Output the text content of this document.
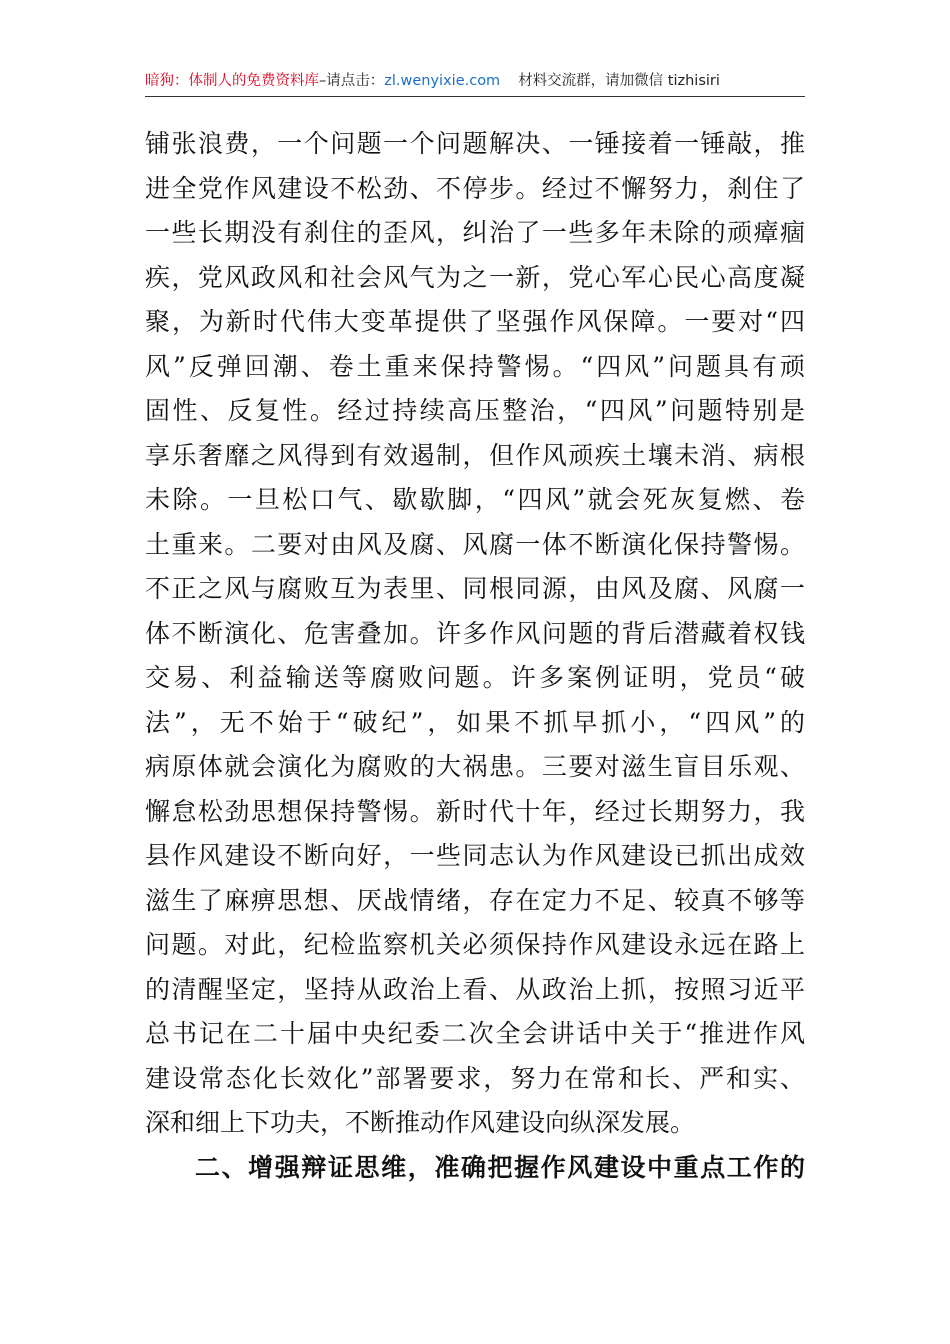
暗狗：体制人的免费资料库–请点击：zl.wenyixie.com 材料交流群，请加微信 tizhisiri
铺张浪费，一个问题一个问题解决、一锤接着一锤敲，推
进全党作风建设不松劲、不停步。经过不懈努力，刹住了
一些长期没有刹住的歪风，纠治了一些多年未除的顽瘴痼
疾，党风政风和社会风气为之一新，党心军心民心高度凝
聚，为新时代伟大变革提供了坚强作风保障。一要对“四
风”反弹回潮、卷土重来保持警惕。“四风”问题具有顽
固性、反复性。经过持续高压整治，“四风”问题特别是
享乐奢靡之风得到有效遏制，但作风顽疾土壤未消、病根
未除。一旦松口气、歇歇脚，“四风”就会死灰复燃、卷
土重来。二要对由风及腐、风腐一体不断演化保持警惕。
不正之风与腐败互为表里、同根同源，由风及腐、风腐一
体不断演化、危害叠加。许多作风问题的背后潜藏着权钱
交易、利益输送等腐败问题。许多案例证明，党员“破
法”，无不始于“破纪”，如果不抓早抓小，“四风”的
病原体就会演化为腐败的大祸患。三要对滋生盲目乐观、
懈怠松劲思想保持警惕。新时代十年，经过长期努力，我
县作风建设不断向好，一些同志认为作风建设已抓出成效
滋生了麻痹思想、厌战情绪，存在定力不足、较真不够等
问题。对此，纪检监察机关必须保持作风建设永远在路上
的清醒坚定，坚持从政治上看、从政治上抓，按照习近平
总书记在二十届中央纪委二次全会讲话中关于“推进作风
建设常态化长效化”部署要求，努力在常和长、严和实、
深和细上下功夫，不断推动作风建设向纵深发展。
二、增强辩证思维，准确把握作风建设中重点工作的
